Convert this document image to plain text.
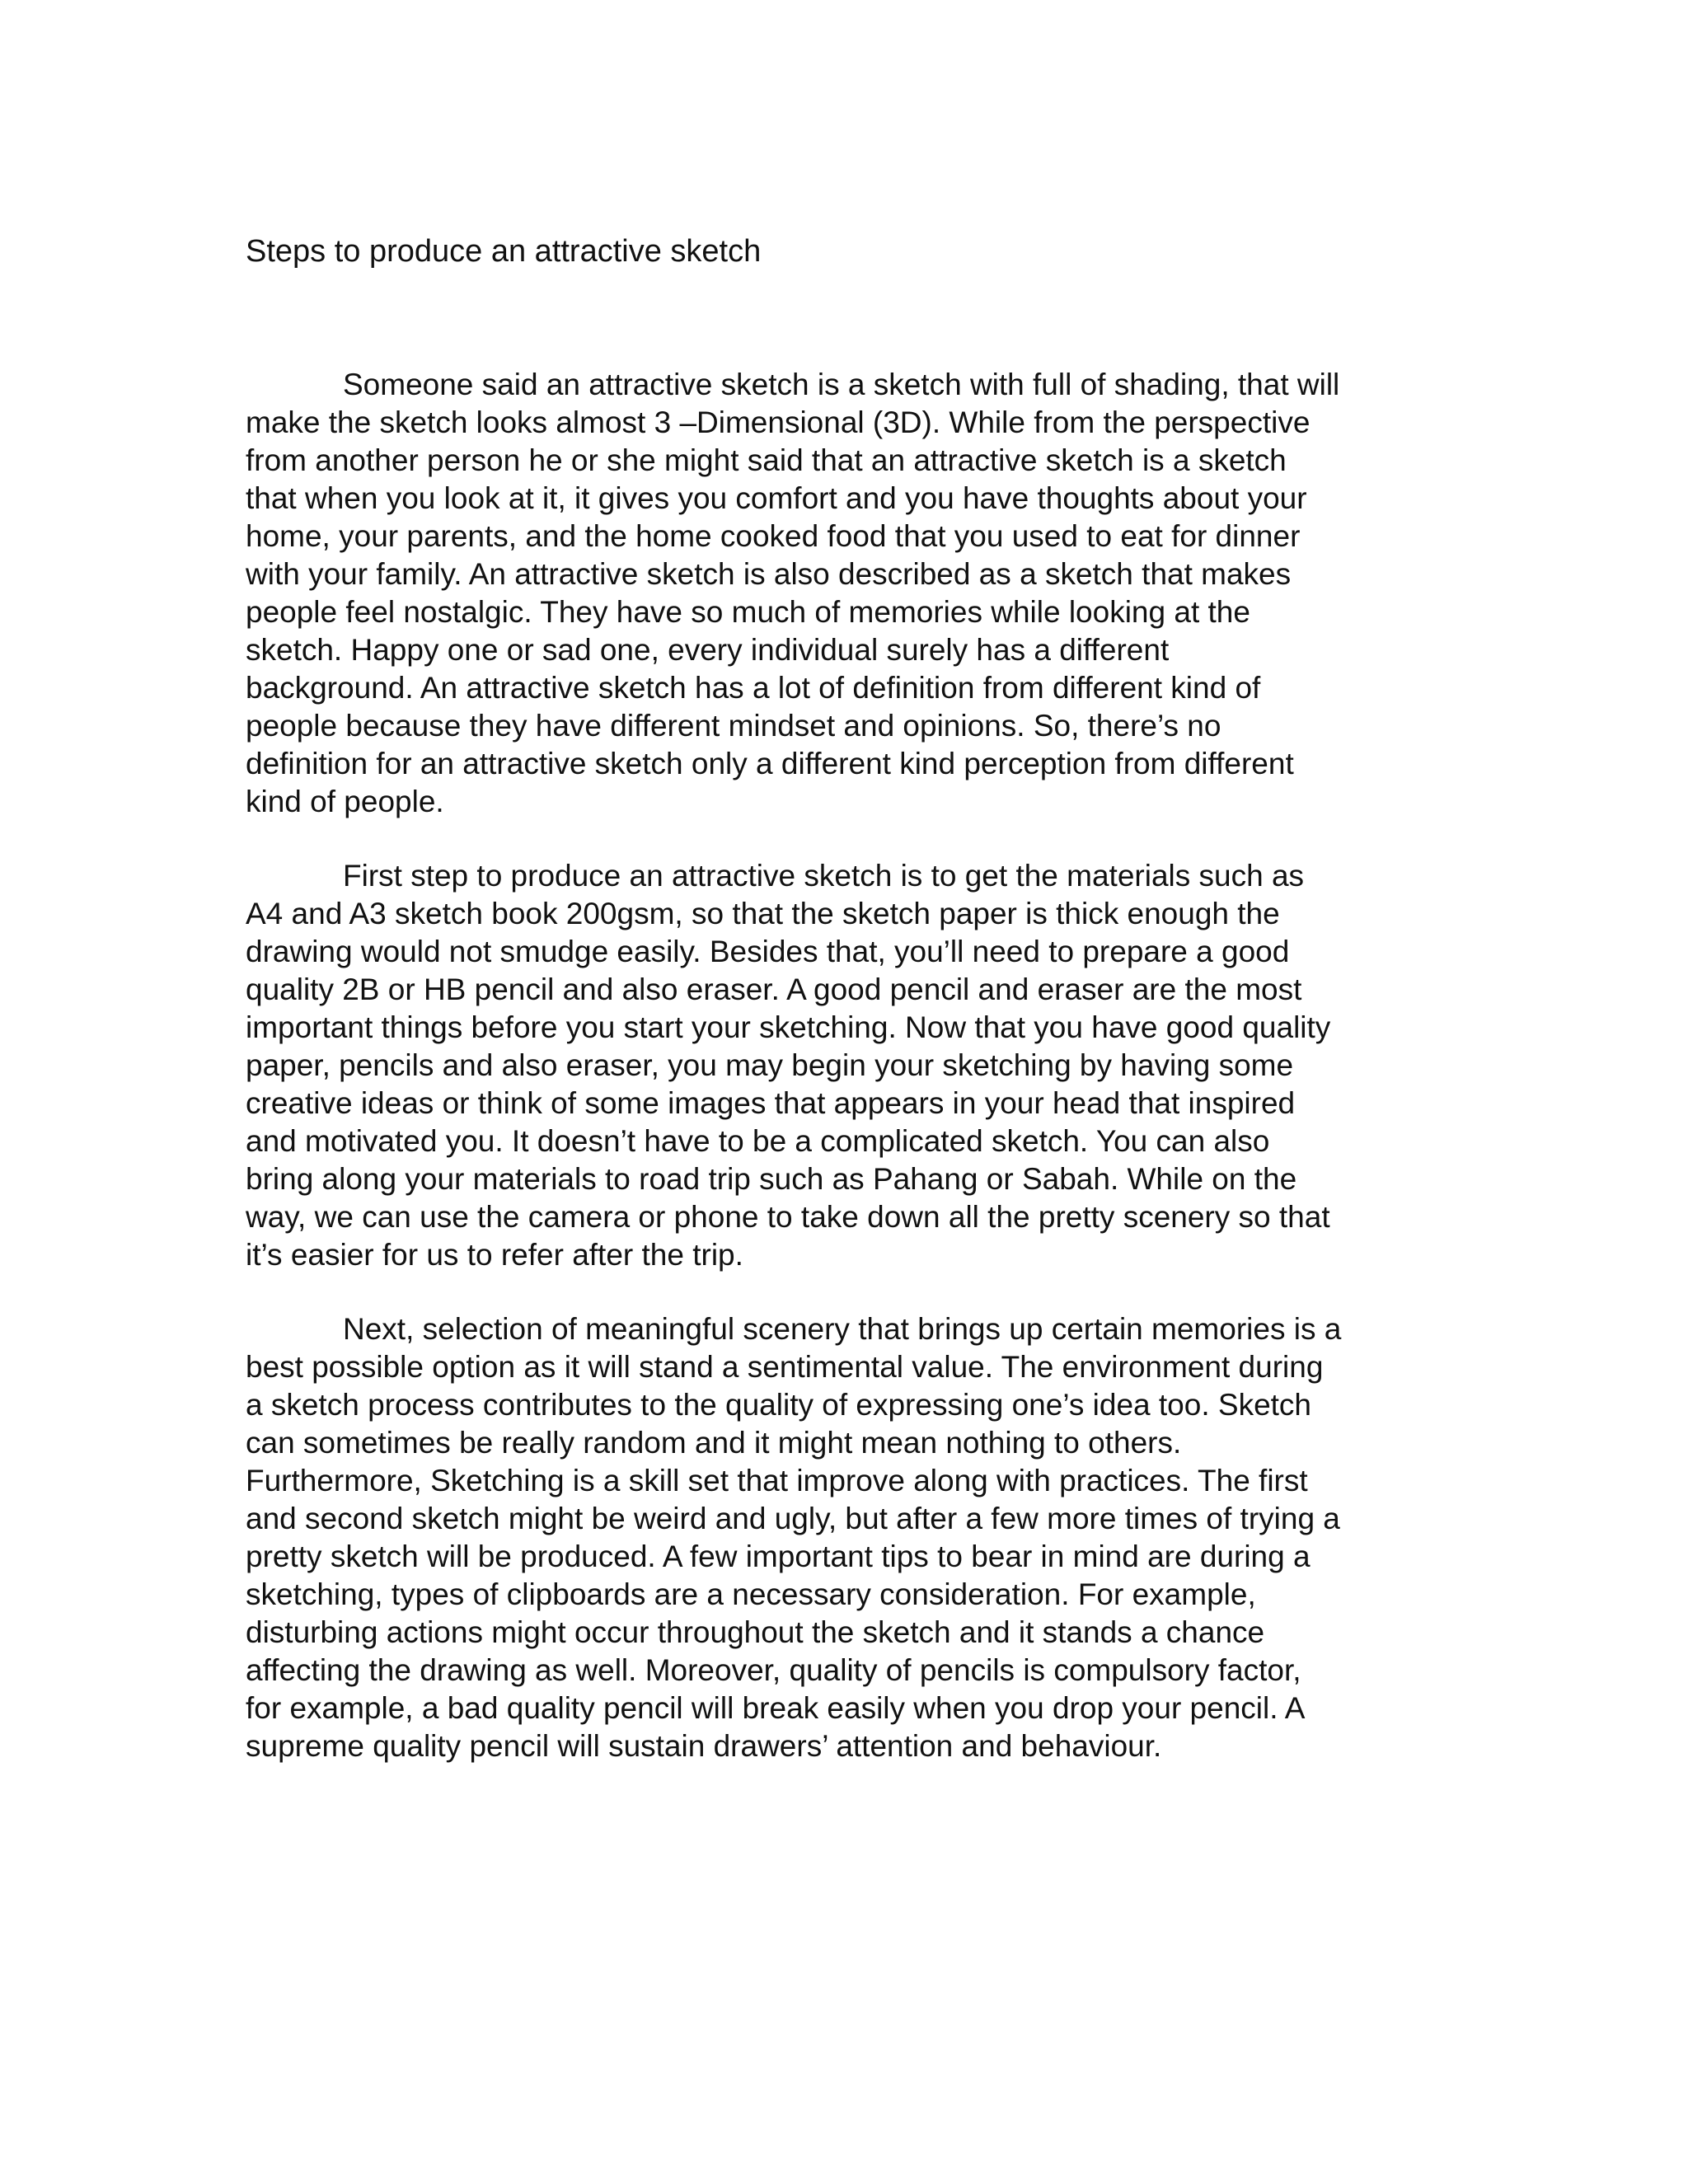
Steps to produce an attractive sketch
Someone said an attractive sketch is a sketch with full of shading, that will
make the sketch looks almost 3 –Dimensional (3D). While from the perspective
from another person he or she might said that an attractive sketch is a sketch
that when you look at it, it gives you comfort and you have thoughts about your
home, your parents, and the home cooked food that you used to eat for dinner
with your family. An attractive sketch is also described as a sketch that makes
people feel nostalgic. They have so much of memories while looking at the
sketch. Happy one or sad one, every individual surely has a different
background. An attractive sketch has a lot of definition from different kind of
people because they have different mindset and opinions. So, there’s no
definition for an attractive sketch only a different kind perception from different
kind of people.
First step to produce an attractive sketch is to get the materials such as
A4 and A3 sketch book 200gsm, so that the sketch paper is thick enough the
drawing would not smudge easily. Besides that, you’ll need to prepare a good
quality 2B or HB pencil and also eraser. A good pencil and eraser are the most
important things before you start your sketching. Now that you have good quality
paper, pencils and also eraser, you may begin your sketching by having some
creative ideas or think of some images that appears in your head that inspired
and motivated you. It doesn’t have to be a complicated sketch. You can also
bring along your materials to road trip such as Pahang or Sabah. While on the
way, we can use the camera or phone to take down all the pretty scenery so that
it’s easier for us to refer after the trip.
Next, selection of meaningful scenery that brings up certain memories is a
best possible option as it will stand a sentimental value. The environment during
a sketch process contributes to the quality of expressing one’s idea too. Sketch
can sometimes be really random and it might mean nothing to others.
Furthermore, Sketching is a skill set that improve along with practices. The first
and second sketch might be weird and ugly, but after a few more times of trying a
pretty sketch will be produced. A few important tips to bear in mind are during a
sketching, types of clipboards are a necessary consideration. For example,
disturbing actions might occur throughout the sketch and it stands a chance
affecting the drawing as well. Moreover, quality of pencils is compulsory factor,
for example, a bad quality pencil will break easily when you drop your pencil. A
supreme quality pencil will sustain drawers’ attention and behaviour.
